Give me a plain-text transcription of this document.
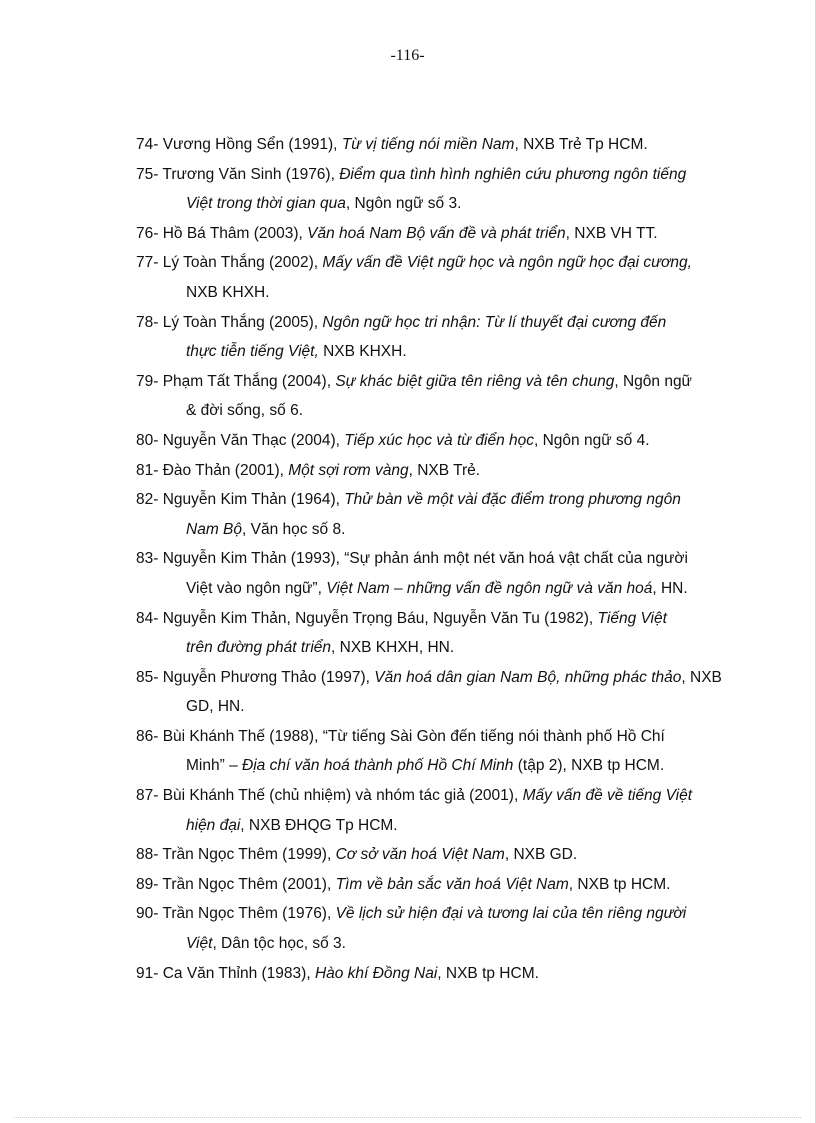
-116-

74- Vương Hồng Sển (1991), Từ vị tiếng nói miền Nam, NXB Trẻ Tp HCM.

75- Trương Văn Sinh (1976), Điểm qua tình hình nghiên cứu phương ngôn tiếng
Việt trong thời gian qua, Ngôn ngữ số 3.

76- Hồ Bá Thâm (2003), Văn hoá Nam Bộ vấn đề và phát triển, NXB VH TT.

77- Lý Toàn Thắng (2002), Mấy vấn đề Việt ngữ học và ngôn ngữ học đại cương,
NXB KHXH.

78- Lý Toàn Thắng (2005), Ngôn ngữ học tri nhận: Từ lí thuyết đại cương đến
thực tiễn tiếng Việt, NXB KHXH.

79- Phạm Tất Thắng (2004), Sự khác biệt giữa tên riêng và tên chung, Ngôn ngữ
& đời sống, số 6.

80- Nguyễn Văn Thạc (2004), Tiếp xúc học và từ điển học, Ngôn ngữ số 4.

81- Đào Thản (2001), Một sợi rơm vàng, NXB Trẻ.

82- Nguyễn Kim Thản (1964), Thử bàn về một vài đặc điểm trong phương ngôn
Nam Bộ, Văn học số 8.

83- Nguyễn Kim Thản (1993), “Sự phản ánh một nét văn hoá vật chất của người
Việt vào ngôn ngữ”, Việt Nam – những vấn đề ngôn ngữ và văn hoá, HN.

84- Nguyễn Kim Thản, Nguyễn Trọng Báu, Nguyễn Văn Tu (1982), Tiếng Việt
trên đường phát triển, NXB KHXH, HN.

85- Nguyễn Phương Thảo (1997), Văn hoá dân gian Nam Bộ, những phác thảo, NXB
GD, HN.

86- Bùi Khánh Thế (1988), “Từ tiếng Sài Gòn đến tiếng nói thành phố Hồ Chí
Minh” – Địa chí văn hoá thành phố Hồ Chí Minh (tập 2), NXB tp HCM.

87- Bùi Khánh Thế (chủ nhiệm) và nhóm tác giả (2001), Mấy vấn đề về tiếng Việt
hiện đại, NXB ĐHQG Tp HCM.

88- Trần Ngọc Thêm (1999), Cơ sở văn hoá Việt Nam, NXB GD.

89- Trần Ngọc Thêm (2001), Tìm về bản sắc văn hoá Việt Nam, NXB tp HCM.

90- Trần Ngọc Thêm (1976), Về lịch sử hiện đại và tương lai của tên riêng người
Việt, Dân tộc học, số 3.

91- Ca Văn Thỉnh (1983), Hào khí Đồng Nai, NXB tp HCM.
